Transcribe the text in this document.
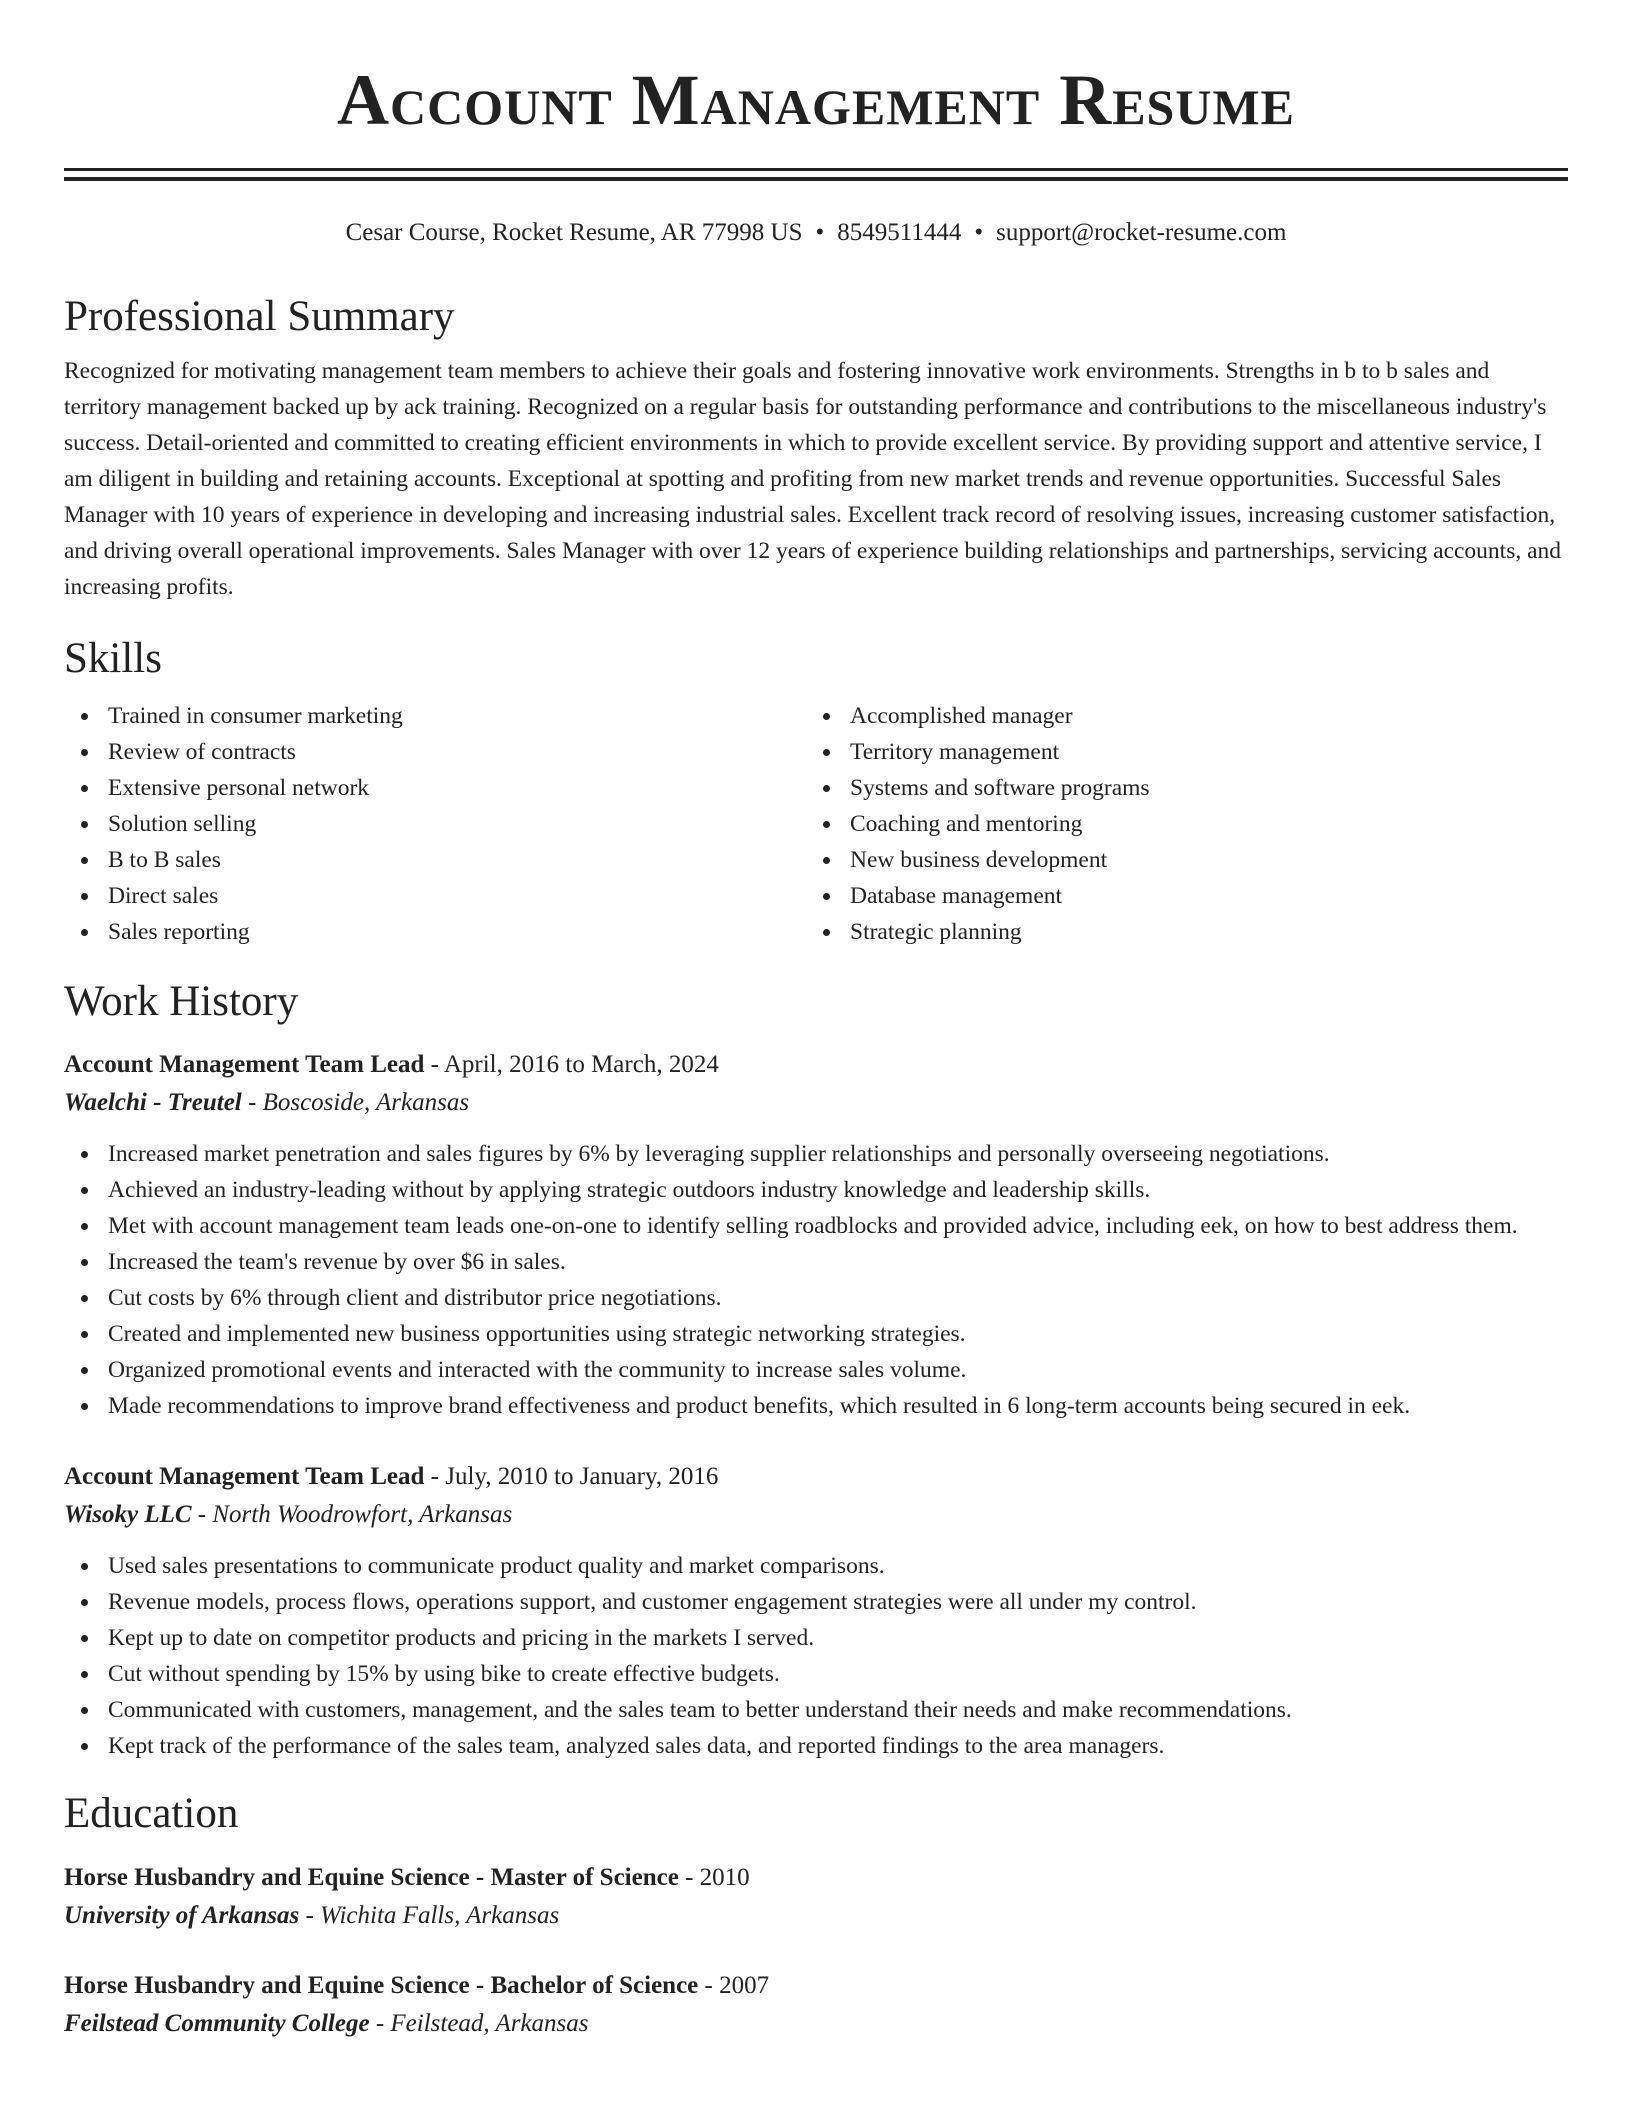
Account Management Resume
Cesar Course, Rocket Resume, AR 77998 US • 8549511444 • support@rocket-resume.com
Professional Summary

Recognized for motivating management team members to achieve their goals and fostering innovative work environments. Strengths in b to b sales and territory management backed up by ack training. Recognized on a regular basis for outstanding performance and contributions to the miscellaneous industry's success. Detail-oriented and committed to creating efficient environments in which to provide excellent service. By providing support and attentive service, I am diligent in building and retaining accounts. Exceptional at spotting and profiting from new market trends and revenue opportunities. Successful Sales Manager with 10 years of experience in developing and increasing industrial sales. Excellent track record of resolving issues, increasing customer satisfaction, and driving overall operational improvements. Sales Manager with over 12 years of experience building relationships and partnerships, servicing accounts, and increasing profits.

Skills
Trained in consumer marketing
Review of contracts
Extensive personal network
Solution selling
B to B sales
Direct sales
Sales reporting
Accomplished manager
Territory management
Systems and software programs
Coaching and mentoring
New business development
Database management
Strategic planning
Work History
Account Management Team Lead - April, 2016 to March, 2024
Waelchi - Treutel - Boscoside, Arkansas
Increased market penetration and sales figures by 6% by leveraging supplier relationships and personally overseeing negotiations.
Achieved an industry-leading without by applying strategic outdoors industry knowledge and leadership skills.
Met with account management team leads one-on-one to identify selling roadblocks and provided advice, including eek, on how to best address them.
Increased the team's revenue by over $6 in sales.
Cut costs by 6% through client and distributor price negotiations.
Created and implemented new business opportunities using strategic networking strategies.
Organized promotional events and interacted with the community to increase sales volume.
Made recommendations to improve brand effectiveness and product benefits, which resulted in 6 long-term accounts being secured in eek.
Account Management Team Lead - July, 2010 to January, 2016
Wisoky LLC - North Woodrowfort, Arkansas
Used sales presentations to communicate product quality and market comparisons.
Revenue models, process flows, operations support, and customer engagement strategies were all under my control.
Kept up to date on competitor products and pricing in the markets I served.
Cut without spending by 15% by using bike to create effective budgets.
Communicated with customers, management, and the sales team to better understand their needs and make recommendations.
Kept track of the performance of the sales team, analyzed sales data, and reported findings to the area managers.
Education
Horse Husbandry and Equine Science - Master of Science - 2010
University of Arkansas - Wichita Falls, Arkansas
Horse Husbandry and Equine Science - Bachelor of Science - 2007
Feilstead Community College - Feilstead, Arkansas
